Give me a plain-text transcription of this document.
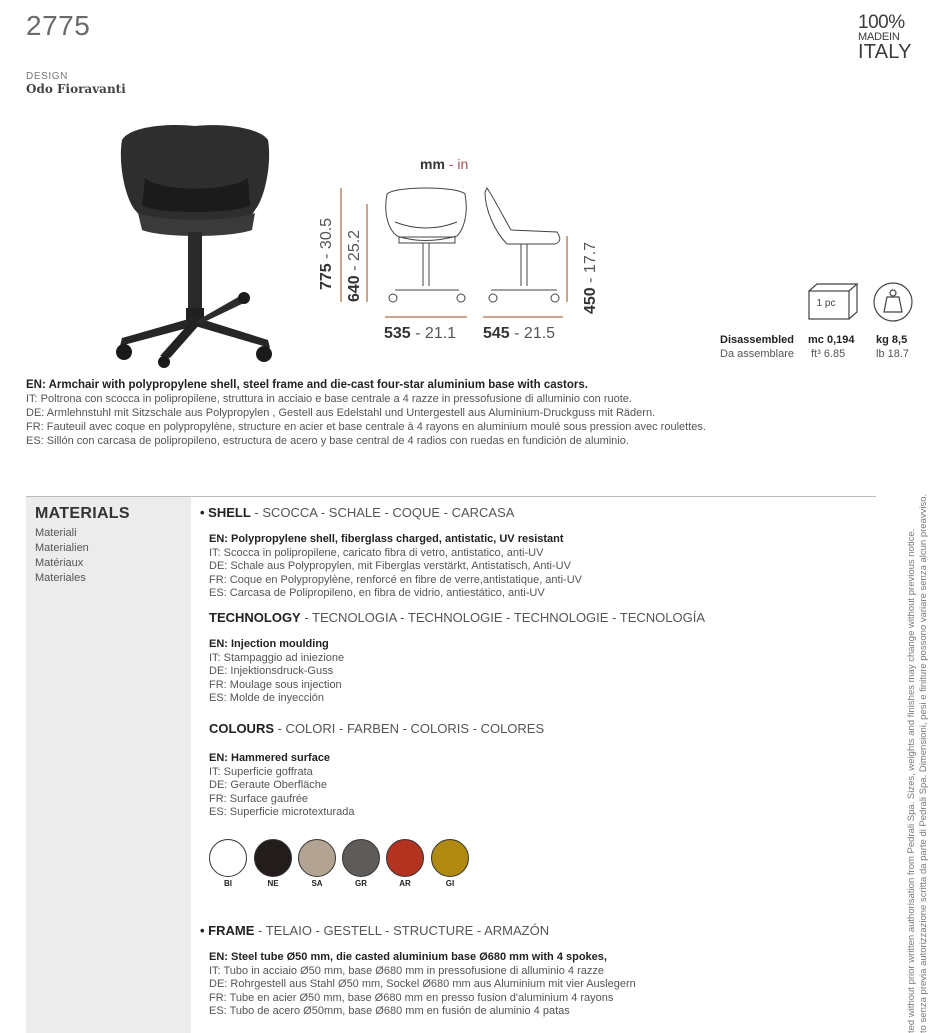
2775
DESIGN
Odo Fioravanti
100%
MADEIN
ITALY
mm - in
775 - 30.5
640 - 25.2
450 - 17.7
535 - 21.1 545 - 21.5
1 pc
Disassembled
Da assemblare
mc 0,194
ft³ 6.85
kg 8,5
lb 18.7
EN: Armchair with polypropylene shell, steel frame and die-cast four-star aluminium base with castors.
IT: Poltrona con scocca in polipropilene, struttura in acciaio e base centrale a 4 razze in pressofusione di alluminio con ruote.
DE: Armlehnstuhl mit Sitzschale aus Polypropylen , Gestell aus Edelstahl und Untergestell aus Aluminium-Druckguss mit Rädern.
FR: Fauteuil avec coque en polypropylène, structure en acier et base centrale à 4 rayons en aluminium moulé sous pression avec roulettes.
ES: Sillón con carcasa de polipropileno, estructura de acero y base central de 4 radios con ruedas en fundición de aluminio.
MATERIALS
Materiali
Materialien
Matériaux
Materiales
• SHELL - SCOCCA - SCHALE - COQUE - CARCASA
EN: Polypropylene shell, fiberglass charged, antistatic, UV resistant
IT: Scocca in polipropilene, caricato fibra di vetro, antistatico, anti-UV
DE: Schale aus Polypropylen, mit Fiberglas verstärkt, Antistatisch, Anti-UV
FR: Coque en Polypropylène, renforcé en fibre de verre,antistatique, anti-UV
ES: Carcasa de Polipropileno, en fibra de vidrio, antiestático, anti-UV
TECHNOLOGY - TECNOLOGIA - TECHNOLOGIE - TECHNOLOGIE - TECNOLOGÍA
EN: Injection moulding
IT: Stampaggio ad iniezione
DE: Injektionsdruck-Guss
FR: Moulage sous injection
ES: Molde de inyección
COLOURS - COLORI - FARBEN - COLORIS - COLORES
EN: Hammered surface
IT: Superficie goffrata
DE: Geraute Oberfläche
FR: Surface gaufrée
ES: Superficie microtexturada
BI	NE	SA	GR	AR	GI
• FRAME - TELAIO - GESTELL - STRUCTURE - ARMAZÓN
EN: Steel tube Ø50 mm, die casted aluminium base Ø680 mm with 4 spokes,
IT: Tubo in acciaio Ø50 mm, base Ø680 mm in pressofusione di alluminio 4 razze
DE: Rohrgestell aus Stahl Ø50 mm, Sockel Ø680 mm aus Aluminium mit vier Auslegern
FR: Tube en acier Ø50 mm, base Ø680 mm en presso fusion d'aluminium 4 rayons
ES: Tubo de acero Ø50mm, base Ø680 mm en fusión de aluminio 4 patas	ted without prior written authorisation from Pedrali Spa. Sizes, weights and finishes may change without previous notice. to senza previa autorizzazione scritta da parte di Pedrali Spa. Dimensioni, pesi e finiture possono variare senza alcun preavviso.
